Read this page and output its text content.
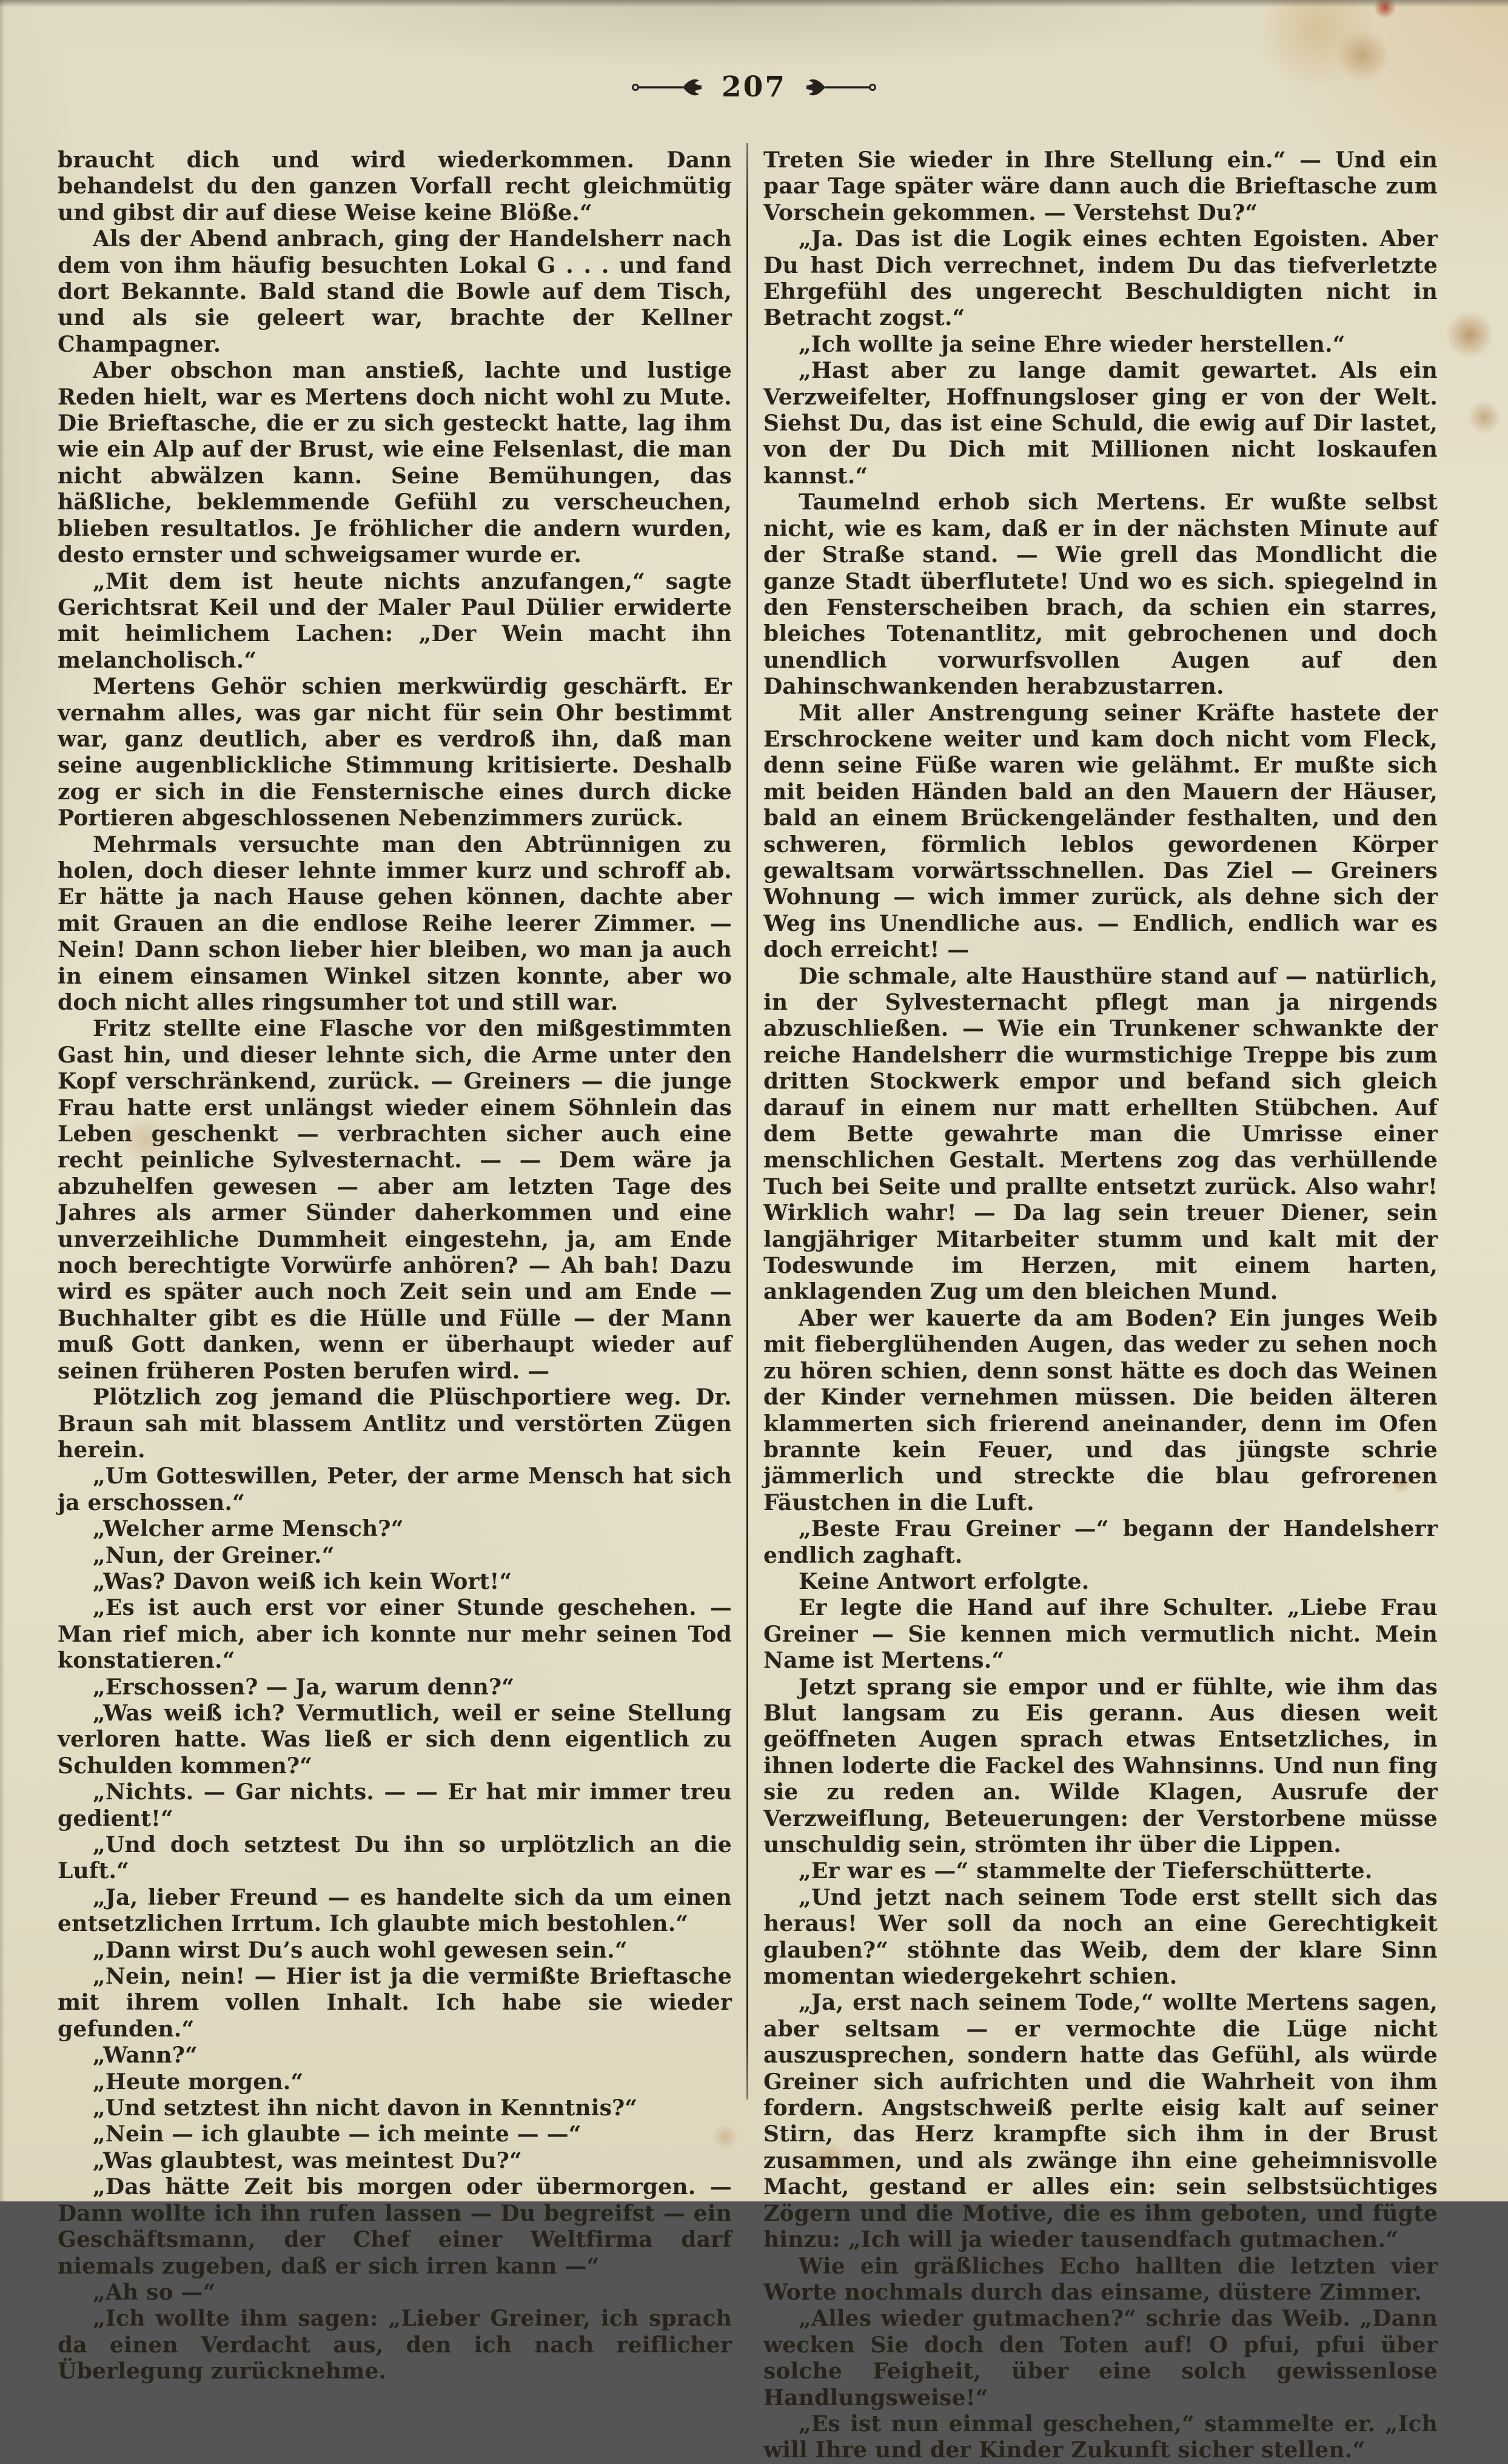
207

braucht dich und wird wiederkommen. Dann behandelst du den ganzen Vorfall recht gleichmütig und gibst dir auf diese Weise keine Blöße.“

Als der Abend anbrach, ging der Handelsherr nach dem von ihm häufig besuchten Lokal G . . . und fand dort Bekannte. Bald stand die Bowle auf dem Tisch, und als sie geleert war, brachte der Kellner Champagner.

Aber obschon man anstieß, lachte und lustige Reden hielt, war es Mertens doch nicht wohl zu Mute. Die Brieftasche, die er zu sich gesteckt hatte, lag ihm wie ein Alp auf der Brust, wie eine Felsenlast, die man nicht abwälzen kann. Seine Bemühungen, das häßliche, beklemmende Gefühl zu verscheuchen, blieben resultatlos. Je fröhlicher die andern wurden, desto ernster und schweigsamer wurde er.

„Mit dem ist heute nichts anzufangen,“ sagte Gerichtsrat Keil und der Maler Paul Dülier erwiderte mit heimlichem Lachen: „Der Wein macht ihn melancholisch.“

Mertens Gehör schien merkwürdig geschärft. Er vernahm alles, was gar nicht für sein Ohr bestimmt war, ganz deutlich, aber es verdroß ihn, daß man seine augenblickliche Stimmung kritisierte. Deshalb zog er sich in die Fensternische eines durch dicke Portieren abgeschlossenen Nebenzimmers zurück.

Mehrmals versuchte man den Abtrünnigen zu holen, doch dieser lehnte immer kurz und schroff ab. Er hätte ja nach Hause gehen können, dachte aber mit Grauen an die endlose Reihe leerer Zimmer. — Nein! Dann schon lieber hier bleiben, wo man ja auch in einem einsamen Winkel sitzen konnte, aber wo doch nicht alles ringsumher tot und still war.

Fritz stellte eine Flasche vor den mißgestimmten Gast hin, und dieser lehnte sich, die Arme unter den Kopf verschränkend, zurück. — Greiners — die junge Frau hatte erst unlängst wieder einem Söhnlein das Leben geschenkt — verbrachten sicher auch eine recht peinliche Sylvesternacht. — — Dem wäre ja abzuhelfen gewesen — aber am letzten Tage des Jahres als armer Sünder daherkommen und eine unverzeihliche Dummheit eingestehn, ja, am Ende noch berechtigte Vorwürfe anhören? — Ah bah! Dazu wird es später auch noch Zeit sein und am Ende — Buchhalter gibt es die Hülle und Fülle — der Mann muß Gott danken, wenn er überhaupt wieder auf seinen früheren Posten berufen wird. —

Plötzlich zog jemand die Plüschportiere weg. Dr. Braun sah mit blassem Antlitz und verstörten Zügen herein.

„Um Gotteswillen, Peter, der arme Mensch hat sich ja erschossen.“

„Welcher arme Mensch?“

„Nun, der Greiner.“

„Was? Davon weiß ich kein Wort!“

„Es ist auch erst vor einer Stunde geschehen. — Man rief mich, aber ich konnte nur mehr seinen Tod konstatieren.“

„Erschossen? — Ja, warum denn?“

„Was weiß ich? Vermutlich, weil er seine Stellung verloren hatte. Was ließ er sich denn eigentlich zu Schulden kommen?“

„Nichts. — Gar nichts. — — Er hat mir immer treu gedient!“

„Und doch setztest Du ihn so urplötzlich an die Luft.“

„Ja, lieber Freund — es handelte sich da um einen entsetzlichen Irrtum. Ich glaubte mich bestohlen.“

„Dann wirst Du’s auch wohl gewesen sein.“

„Nein, nein! — Hier ist ja die vermißte Brieftasche mit ihrem vollen Inhalt. Ich habe sie wieder gefunden.“

„Wann?“

„Heute morgen.“

„Und setztest ihn nicht davon in Kenntnis?“

„Nein — ich glaubte — ich meinte — —“

„Was glaubtest, was meintest Du?“

„Das hätte Zeit bis morgen oder übermorgen. — Dann wollte ich ihn rufen lassen — Du begreifst — ein Geschäftsmann, der Chef einer Weltfirma darf niemals zugeben, daß er sich irren kann —“

„Ah so —“

„Ich wollte ihm sagen: „Lieber Greiner, ich sprach da einen Verdacht aus, den ich nach reiflicher Überlegung zurücknehme.

Treten Sie wieder in Ihre Stellung ein.“ — Und ein paar Tage später wäre dann auch die Brieftasche zum Vorschein gekommen. — Verstehst Du?“

„Ja. Das ist die Logik eines echten Egoisten. Aber Du hast Dich verrechnet, indem Du das tiefverletzte Ehrgefühl des ungerecht Beschuldigten nicht in Betracht zogst.“

„Ich wollte ja seine Ehre wieder herstellen.“

„Hast aber zu lange damit gewartet. Als ein Verzweifelter, Hoffnungsloser ging er von der Welt. Siehst Du, das ist eine Schuld, die ewig auf Dir lastet, von der Du Dich mit Millionen nicht loskaufen kannst.“

Taumelnd erhob sich Mertens. Er wußte selbst nicht, wie es kam, daß er in der nächsten Minute auf der Straße stand. — Wie grell das Mondlicht die ganze Stadt überflutete! Und wo es sich. spiegelnd in den Fensterscheiben brach, da schien ein starres, bleiches Totenantlitz, mit gebrochenen und doch unendlich vorwurfsvollen Augen auf den Dahinschwankenden herabzustarren.

Mit aller Anstrengung seiner Kräfte hastete der Erschrockene weiter und kam doch nicht vom Fleck, denn seine Füße waren wie gelähmt. Er mußte sich mit beiden Händen bald an den Mauern der Häuser, bald an einem Brückengeländer festhalten, und den schweren, förmlich leblos gewordenen Körper gewaltsam vorwärtsschnellen. Das Ziel — Greiners Wohnung — wich immer zurück, als dehne sich der Weg ins Unendliche aus. — Endlich, endlich war es doch erreicht! —

Die schmale, alte Hausthüre stand auf — natürlich, in der Sylvesternacht pflegt man ja nirgends abzuschließen. — Wie ein Trunkener schwankte der reiche Handelsherr die wurmstichige Treppe bis zum dritten Stockwerk empor und befand sich gleich darauf in einem nur matt erhellten Stübchen. Auf dem Bette gewahrte man die Umrisse einer menschlichen Gestalt. Mertens zog das verhüllende Tuch bei Seite und prallte entsetzt zurück. Also wahr! Wirklich wahr! — Da lag sein treuer Diener, sein langjähriger Mitarbeiter stumm und kalt mit der Todeswunde im Herzen, mit einem harten, anklagenden Zug um den bleichen Mund.

Aber wer kauerte da am Boden? Ein junges Weib mit fieberglühenden Augen, das weder zu sehen noch zu hören schien, denn sonst hätte es doch das Weinen der Kinder vernehmen müssen. Die beiden älteren klammerten sich frierend aneinander, denn im Ofen brannte kein Feuer, und das jüngste schrie jämmerlich und streckte die blau gefrorenen Fäustchen in die Luft.

„Beste Frau Greiner —“ begann der Handelsherr endlich zaghaft.

Keine Antwort erfolgte.

Er legte die Hand auf ihre Schulter. „Liebe Frau Greiner — Sie kennen mich vermutlich nicht. Mein Name ist Mertens.“

Jetzt sprang sie empor und er fühlte, wie ihm das Blut langsam zu Eis gerann. Aus diesen weit geöffneten Augen sprach etwas Entsetzliches, in ihnen loderte die Fackel des Wahnsinns. Und nun fing sie zu reden an. Wilde Klagen, Ausrufe der Verzweiflung, Beteuerungen: der Verstorbene müsse unschuldig sein, strömten ihr über die Lippen.

„Er war es —“ stammelte der Tieferschütterte.

„Und jetzt nach seinem Tode erst stellt sich das heraus! Wer soll da noch an eine Gerechtigkeit glauben?“ stöhnte das Weib, dem der klare Sinn momentan wiedergekehrt schien.

„Ja, erst nach seinem Tode,“ wollte Mertens sagen, aber seltsam — er vermochte die Lüge nicht auszusprechen, sondern hatte das Gefühl, als würde Greiner sich aufrichten und die Wahrheit von ihm fordern. Angstschweiß perlte eisig kalt auf seiner Stirn, das Herz krampfte sich ihm in der Brust zusammen, und als zwänge ihn eine geheimnisvolle Macht, gestand er alles ein: sein selbstsüchtiges Zögern und die Motive, die es ihm geboten, und fügte hinzu: „Ich will ja wieder tausendfach gutmachen.“

Wie ein gräßliches Echo hallten die letzten vier Worte nochmals durch das einsame, düstere Zimmer.

„Alles wieder gutmachen?“ schrie das Weib. „Dann wecken Sie doch den Toten auf! O pfui, pfui über solche Feigheit, über eine solch gewissenlose Handlungsweise!“

„Es ist nun einmal geschehen,“ stammelte er. „Ich will Ihre und der Kinder Zukunft sicher stellen.“
